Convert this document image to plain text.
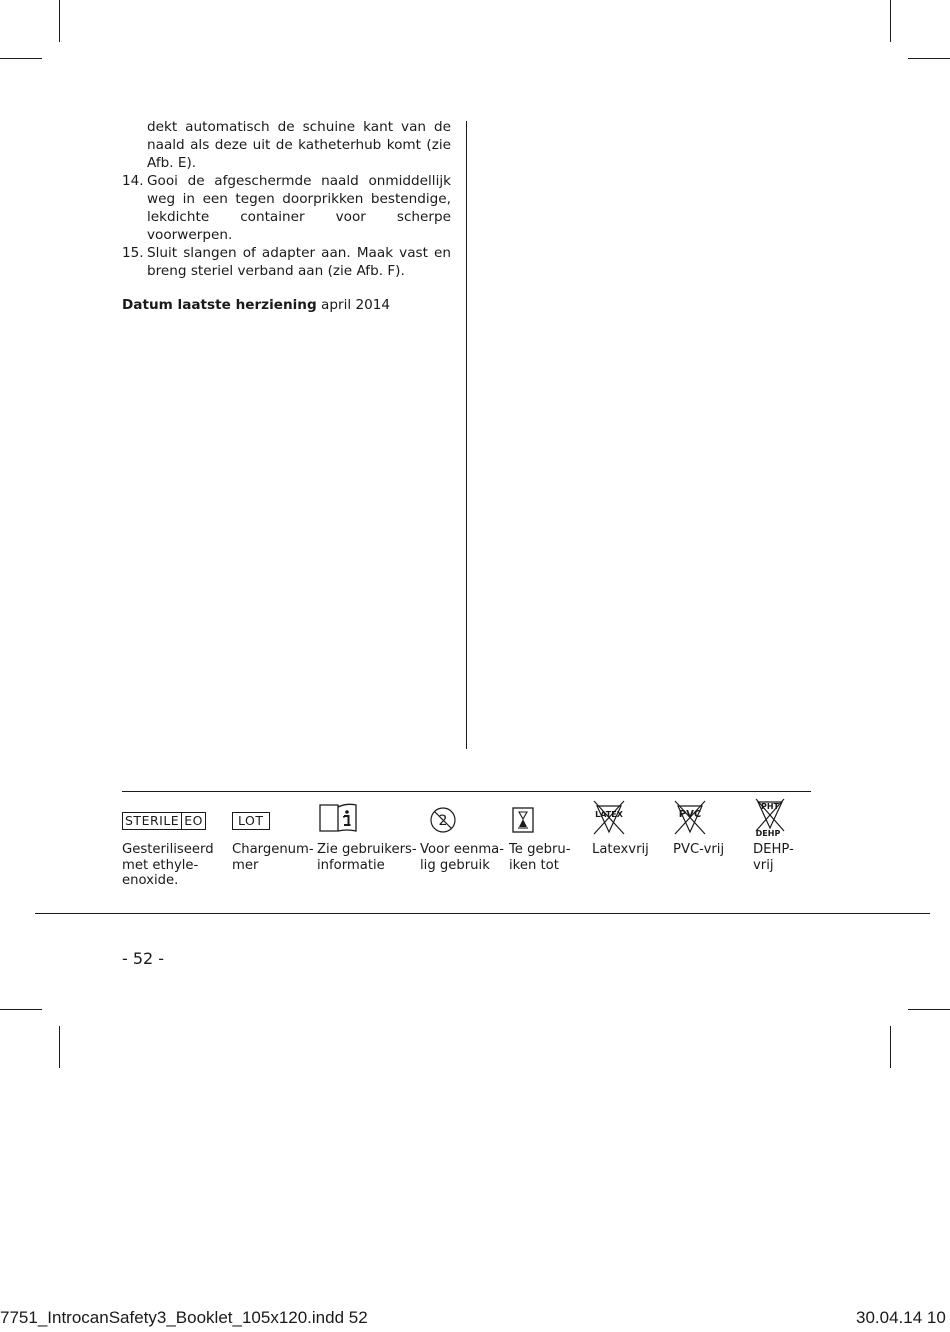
dekt automatisch de schuine kant van de naald als deze uit de katheterhub komt (zie Afb. E).

14. Gooi de afgeschermde naald onmiddellijk weg in een tegen doorprikken bestendige, lekdichte container voor scherpe voorwerpen.
15. Sluit slangen of adapter aan. Maak vast en breng steriel verband aan (zie Afb. F).

Datum laatste herziening april 2014

STERILE EO
Gesteriliseerd met ethyle-enoxide.
LOT
Chargenum-mer
Zie gebruikers-informatie
2
Voor eenma-lig gebruik
Te gebru-iken tot
LATEX
Latexvrij
PVC
PVC-vrij
PHT
DEHP
DEHP-vrij
- 52 -
7751_IntrocanSafety3_Booklet_105x120.indd 52	30.04.14 10
